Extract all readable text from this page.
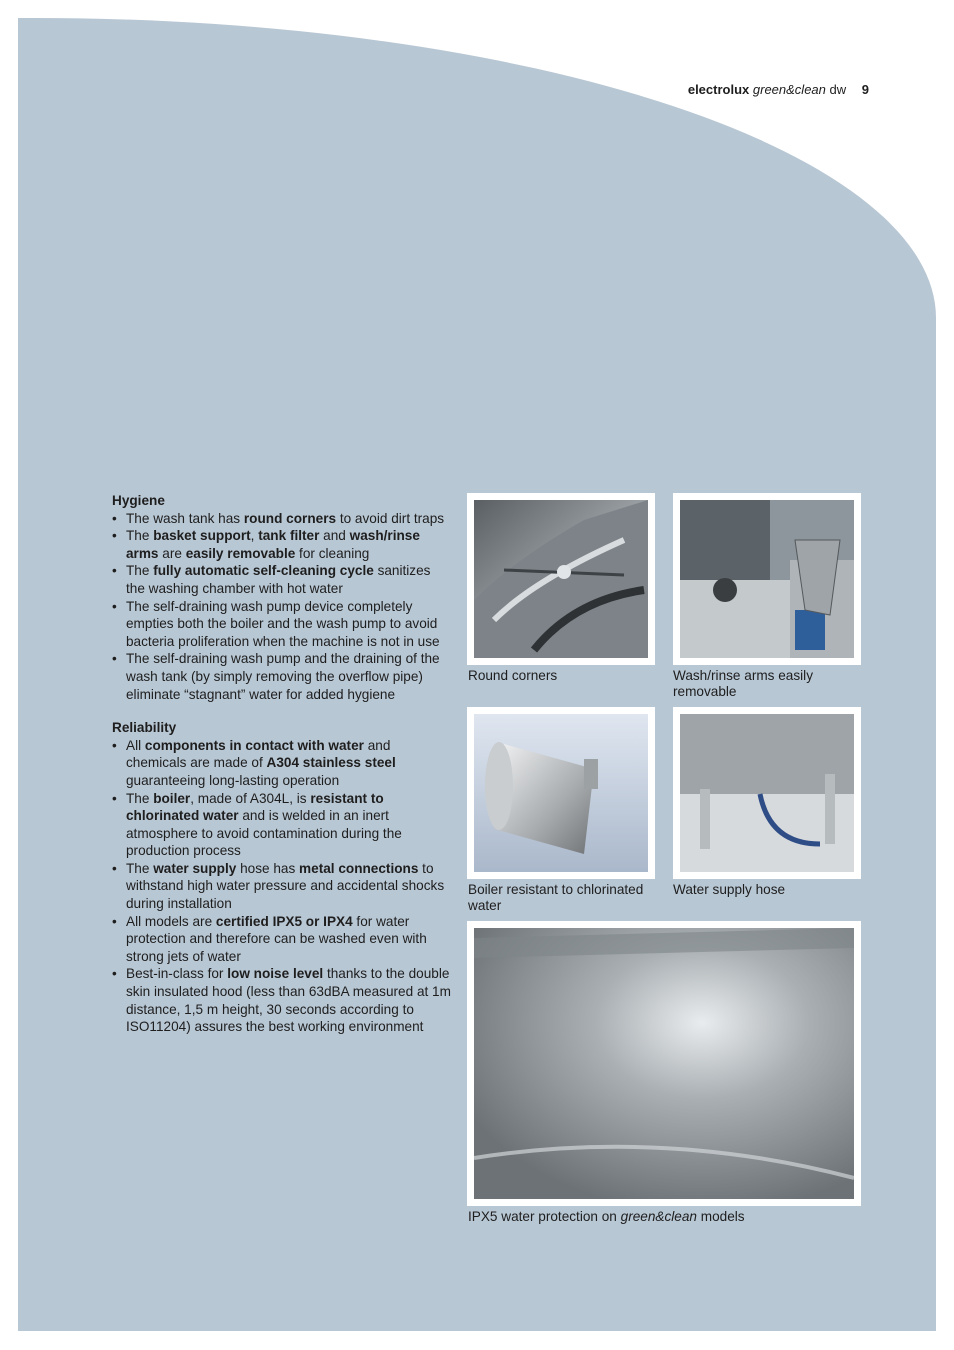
electrolux green&clean dw 9

Hygiene

• The wash tank has round corners to avoid dirt traps
• The basket support, tank filter and wash/rinse arms are easily removable for cleaning
• The fully automatic self-cleaning cycle sanitizes the washing chamber with hot water
• The self-draining wash pump device completely empties both the boiler and the wash pump to avoid bacteria proliferation when the machine is not in use
• The self-draining wash pump and the draining of the wash tank (by simply removing the overflow pipe) eliminate “stagnant” water for added hygiene

Reliability

• All components in contact with water and chemicals are made of A304 stainless steel guaranteeing long-lasting operation
• The boiler, made of A304L, is resistant to chlorinated water and is welded in an inert atmosphere to avoid contamination during the production process
• The water supply hose has metal connections to withstand high water pressure and accidental shocks during installation
• All models are certified IPX5 or IPX4 for water protection and therefore can be washed even with strong jets of water
• Best-in-class for low noise level thanks to the double skin insulated hood (less than 63dBA measured at 1m distance, 1,5 m height, 30 seconds according to ISO11204) assures the best working environment
Round corners	Wash/rinse arms easily removable
Boiler resistant to chlorinated water
Water supply hose
IPX5 water protection on green&clean models
